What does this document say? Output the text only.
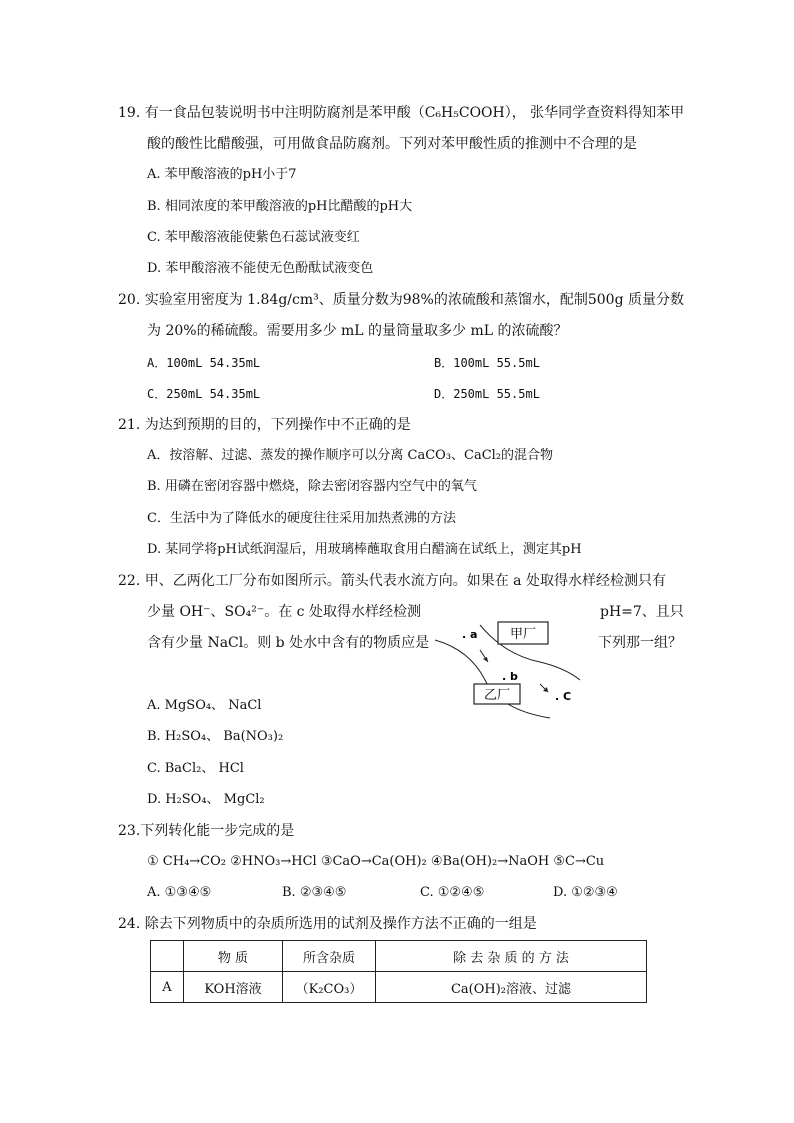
19. 有一食品包装说明书中注明防腐剂是苯甲酸（C₆H₅COOH）， 张华同学查资料得知苯甲
酸的酸性比醋酸强，可用做食品防腐剂。下列对苯甲酸性质的推测中不合理的是
A. 苯甲酸溶液的pH小于7
B. 相同浓度的苯甲酸溶液的pH比醋酸的pH大
C. 苯甲酸溶液能使紫色石蕊试液变红
D. 苯甲酸溶液不能使无色酚酞试液变色
20. 实验室用密度为 1.84g/cm³、质量分数为98%的浓硫酸和蒸馏水，配制500g 质量分数
为 20%的稀硫酸。需要用多少 mL 的量筒量取多少 mL 的浓硫酸？
A．100mL 54.35mL	B．100mL 55.5mL
C．250mL 54.35mL	D．250mL 55.5mL
21. 为达到预期的目的，下列操作中不正确的是
A．按溶解、过滤、蒸发的操作顺序可以分离 CaCO₃、CaCl₂的混合物
B. 用磷在密闭容器中燃烧，除去密闭容器内空气中的氧气
C．生活中为了降低水的硬度往往采用加热煮沸的方法
D. 某同学将pH试纸润湿后，用玻璃棒蘸取食用白醋滴在试纸上，测定其pH
22. 甲、乙两化工厂分布如图所示。箭头代表水流方向。如果在 a 处取得水样经检测只有
少量 OH⁻、SO₄²⁻。在 c 处取得水样经检测	pH=7、且只
含有少量 NaCl。则 b 处水中含有的物质应是	下列那一组？
. a	甲厂
. b
乙厂	. C
A. MgSO₄、 NaCl
B. H₂SO₄、 Ba(NO₃)₂
C. BaCl₂、 HCl
D. H₂SO₄、 MgCl₂
23.下列转化能一步完成的是
① CH₄→CO₂ ②HNO₃→HCl ③CaO→Ca(OH)₂ ④Ba(OH)₂→NaOH ⑤C→Cu
A. ①③④⑤	B. ②③④⑤	C. ①②④⑤	D. ①②③④
24. 除去下列物质中的杂质所选用的试剂及操作方法不正确的一组是
	物 质	所含杂质	除 去 杂 质 的 方 法
A	KOH溶液	（K₂CO₃）	Ca(OH)₂溶液、过滤
